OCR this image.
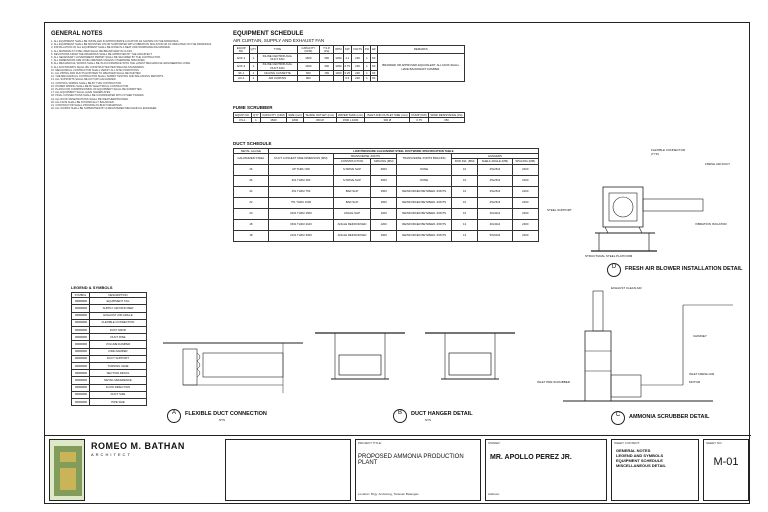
GENERAL NOTES
1. ALL EQUIPMENT SHALL BE INSTALLED IN APPROXIMATE LOCATION AS SHOWN ON THE DRAWINGS.
2. ALL EQUIPMENT SHALL BE MOUNTED ON OR SUPPORTED WITH VIBRATION ISOLATOR OR AS INDICATED ON THE DRAWINGS.
3. INSTALLATION OF ALL EQUIPMENT SHALL BE DONE IN A NEAT AND WORKMANLIKE MANNER.
4. ALL MATERIALS TO BE USED SHALL BE BRAND NEW IN CLASS.
5. DEVIATIONS FROM THE DRAWINGS SHALL BE APPROVED BY THE ARCHITECT.
6. ALL NECESSARY GOVERNMENT PERMIT SHALL BE SECURED BY THE CONTRACTOR.
7. ALL DIMENSIONS ARE IN MILLIMETERS UNLESS OTHERWISE SPECIFIED.
8. ALL MECHANICAL WORKS SHALL BE IN ACCORDANCE WITH THE LATEST MECHANICAL ENGINEERING CODE.
9. ALL DUCTWORKS SHALL BE CONSTRUCTED PER SMACNA STANDARDS.
10. MECHANICAL CONTRACTOR SHALL VERIFY ALL SITE CONDITIONS.
11. ALL PIPING AND DUCTS EXPOSED TO WEATHER SHALL BE PAINTED.
12. THE MECHANICAL CONTRACTOR SHALL SUBMIT TESTING AND BALANCING REPORTS.
13. ALL SUPPORTS SHALL BE HOT DIP GALVANIZED.
14. CONTROL WIRING SHALL BE BY THIS CONTRACTOR.
15. POWER WIRING SHALL BE BY ELECTRICAL CONTRACTOR.
16. PLANS FOR COMMISSIONING OF EQUIPMENT SHALL BE SUBMITTED.
17. ALL EQUIPMENT SHALL HAVE NAMEPLATES.
18. FINAL CONNECTIONS SHALL BE COORDINATED WITH OTHER TRADES.
19. ALL ROOF PENETRATIONS SHALL BE WEATHERPROOFED.
20. ALL FANS SHALL BE DYNAMICALLY BALANCED.
21. CONTRACTOR SHALL PROVIDE AS-BUILT DRAWINGS.
22. ALL WORKS SHALL BE SUPERVISED BY A REGISTERED MECHANICAL ENGINEER.
LEGEND & SYMBOLS
SYMBOL	DESCRIPTION
	EQUIPMENT TAG
	SUPPLY AIR DIFFUSER
	EXHAUST AIR GRILLE
	FLEXIBLE CONNECTION
	DUCT DROP
	DUCT RISE
	VOLUME DAMPER
	FIRE DAMPER
	DUCT SUPPORT
	TURNING VANE
	SECTION DETAIL
	DETAIL REFERENCE
	FLOW DIRECTION
	DUCT SIZE
	PIPE SIZE
EQUIPMENT SCHEDULE
AIR CURTAIN, SUPPLY AND EXHAUST FAN
EQUIP NO.	QTY	TYPE	CAPACITY (CFM)	T.S.P. (Pa)	RPM	KW	VOLTS	PH	HZ	REMARKS
EXF-1	1	INLINE CENTRIFUGAL DUCT FAN	1500	350	1450	1.1	230	1	60	BRANDED OR APPROVED EQUIVALENT. ALL FANS SHALL HAVE BACKDRAFT DAMPER.
EXF-2	1	INLINE CENTRIFUGAL DUCT FAN	1200	300	1450	0.75	230	1	60	
SF-1	1	CEILING CASSETTE	600	150	1400	0.25	230	1	60	
AC-1	1	AIR CURTAIN	900			0.3	230	1	60	
FUME SCRUBBER
EQUIP NO.	QTY	CAPACITY (CFM)	SIZE (mm)	SHAKE OUTLET (mm)	WATER TANK (mm)	INLET AND OUTLET SIZE (mm)	PUMP (KW)	WIND RESISTANCE (Pa)
FS-1	1	1500	1800	300 Ø	1500 x 1000	300 Ø	0.75	350
DUCT SCHEDULE
METAL GAUGE	LOW PRESSURE GALVANIZED STEEL DUCTWORK SPECIFICATION TABLE						
GALVANIZED STEEL	DUCT LONGEST SIDE DIMENSION (MM)	TRANSVERSE JOINTS		TRANSVERSE JOINTS BRACING	HANGERS		
		CONSTRUCTION	SPACING (MM)		ROD DIA. (MM)	SHELF ANGLE (MM)	SPACING (MM)
26	UP THRU 300	S DRIVE SLIP	3000	NONE	10	25x25x3	2400
26	301 THRU 450	S DRIVE SLIP	3000	NONE	10	25x25x3	2400
24	451 THRU 750	BAR SLIP	1500	REINFORCED BETWEEN JOINTS	10	25x25x3	2400
22	751 THRU 1000	BAR SLIP	1500	REINFORCED BETWEEN JOINTS	10	25x25x3	2400
20	1001 THRU 1500	ANGLE SLIP	1200	REINFORCED BETWEEN JOINTS	10	40x40x4	2400
18	1501 THRU 2100	ANGLE REINFORCED	1200	REINFORCED BETWEEN JOINTS	12	40x40x4	2400
18	2101 THRU 3000	ANGLE REINFORCED	1000	REINFORCED BETWEEN JOINTS	12	50x50x6	2400
FLEXIBLE CONNECTOR (TYP.)
FRESH AIR DUCT
STEEL SUPPORT
VIBRATION ISOLATOR
STRUCTURAL STEEL PLATFORM
D	FRESH AIR BLOWER INSTALLATION DETAIL
A	FLEXIBLE DUCT CONNECTION
NTS
B	DUCT HANGER DETAIL
NTS
EXHAUST CLEAN AIR
CHIMNEY
INLET PRE SCRUBBER
INLET FRESH AIR
MOTOR
C	AMMONIA SCRUBBER DETAIL
ROMEO M. BATHAN
ARCHITECT
PROJECT TITLE:
PROPOSED AMMONIA PRODUCTION PLANT
Location: Brgy. Ambulong, Tanauan Batangas
OWNER:
MR. APOLLO PEREZ JR.
Address:
SHEET CONTENT:
GENERAL NOTES
LEGEND AND SYMBOLS
EQUIPMENT SCHEDULE
MISCELLANEOUS DETAIL
SHEET NO.:
M-01
